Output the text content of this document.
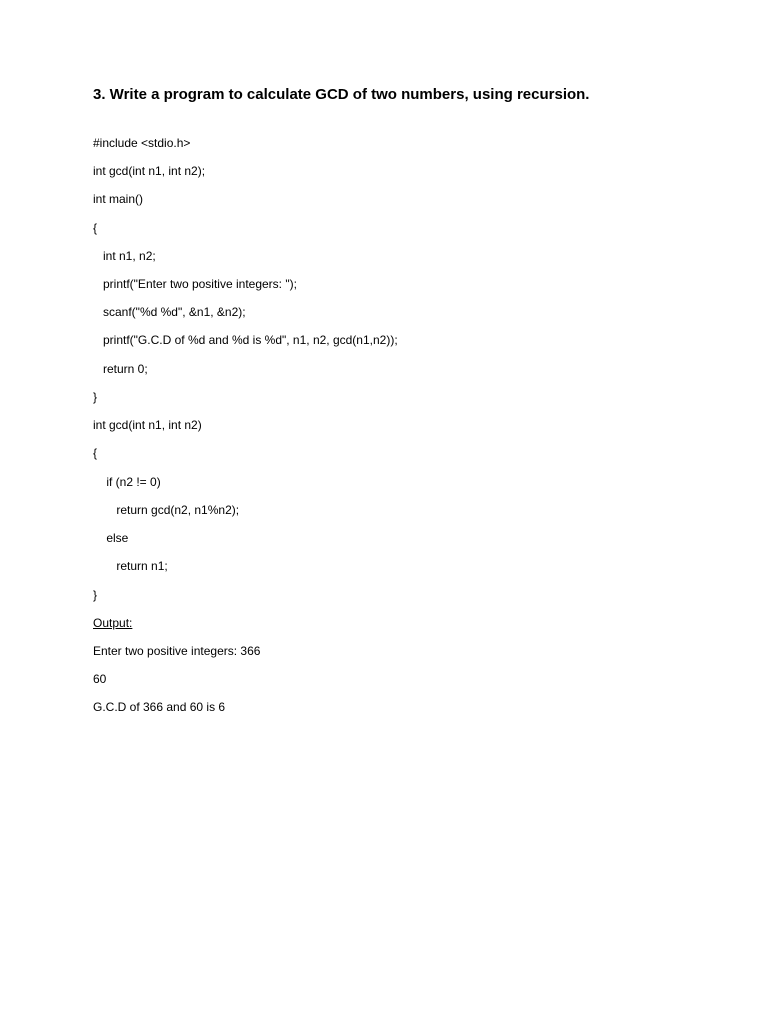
3. Write a program to calculate GCD of two numbers, using recursion.
#include <stdio.h>
int gcd(int n1, int n2);
int main()
{
int n1, n2;
printf("Enter two positive integers: ");
scanf("%d %d", &n1, &n2);
printf("G.C.D of %d and %d is %d", n1, n2, gcd(n1,n2));
return 0;
}
int gcd(int n1, int n2)
{
if (n2 != 0)
return gcd(n2, n1%n2);
else
return n1;
}
Output:
Enter two positive integers: 366
60
G.C.D of 366 and 60 is 6
